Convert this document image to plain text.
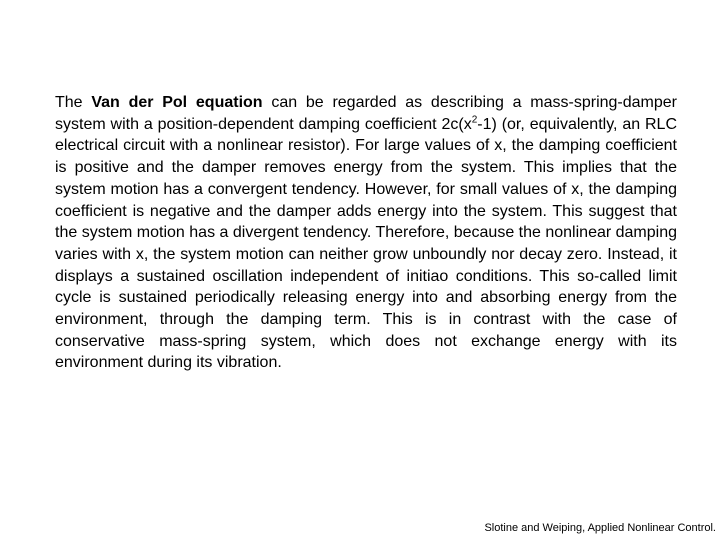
The Van der Pol equation can be regarded as describing a mass-spring-damper system with a position-dependent damping coefficient $2c(x^2-1)$ (or, equivalently, an RLC electrical circuit with a nonlinear resistor). For large values of x, the damping coefficient is positive and the damper removes energy from the system. This implies that the system motion has a convergent tendency. However, for small values of x, the damping coefficient is negative and the damper adds energy into the system. This suggest that the system motion has a divergent tendency. Therefore, because the nonlinear damping varies with x, the system motion can neither grow unboundly nor decay zero. Instead, it displays a sustained oscillation independent of initiao conditions. This so-called limit cycle is sustained periodically releasing energy into and absorbing energy from the environment, through the damping term. This is in contrast with the case of conservative mass-spring system, which does not exchange energy with its environment during its vibration.

Slotine and Weiping, Applied Nonlinear Control.
